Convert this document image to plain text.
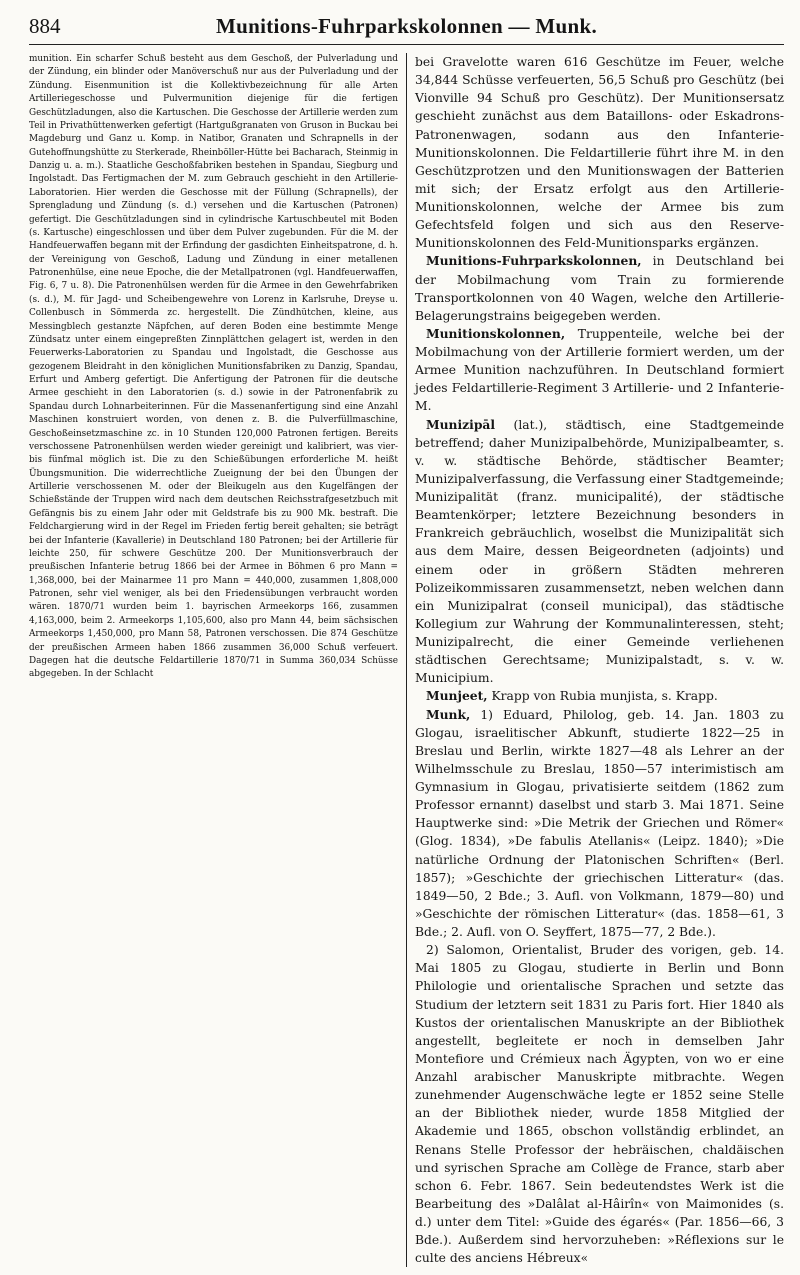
884	Munitions-Fuhrparkskolonnen — Munk.

munition. Ein scharfer Schuß besteht aus dem Geschoß, der Pulverladung und der Zündung, ein blinder oder Manöverschuß nur aus der Pulverladung und der Zündung. Eisenmunition ist die Kollektivbezeichnung für alle Arten Artilleriegeschosse und Pulvermunition diejenige für die fertigen Geschützladungen, also die Kartuschen. Die Geschosse der Artillerie werden zum Teil in Privathüttenwerken gefertigt (Hartgußgranaten von Gruson in Buckau bei Magdeburg und Ganz u. Komp. in Natibor, Granaten und Schrapnells in der Gutehoffnungshütte zu Sterkerade, Rheinböller-Hütte bei Bacharach, Steinmig in Danzig u. a. m.). Staatliche Geschoßfabriken bestehen in Spandau, Siegburg und Ingolstadt. Das Fertigmachen der M. zum Gebrauch geschieht in den Artillerie-Laboratorien. Hier werden die Geschosse mit der Füllung (Schrapnells), der Sprengladung und Zündung (s. d.) versehen und die Kartuschen (Patronen) gefertigt. Die Geschützladungen sind in cylindrische Kartuschbeutel mit Boden (s. Kartusche) eingeschlossen und über dem Pulver zugebunden. Für die M. der Handfeuerwaffen begann mit der Erfindung der gasdichten Einheitspatrone, d. h. der Vereinigung von Geschoß, Ladung und Zündung in einer metallenen Patronenhülse, eine neue Epoche, die der Metallpatronen (vgl. Handfeuerwaffen, Fig. 6, 7 u. 8). Die Patronenhülsen werden für die Armee in den Gewehrfabriken (s. d.), M. für Jagd- und Scheibengewehre von Lorenz in Karlsruhe, Dreyse u. Collenbusch in Sömmerda zc. hergestellt. Die Zündhütchen, kleine, aus Messingblech gestanzte Näpfchen, auf deren Boden eine bestimmte Menge Zündsatz unter einem eingepreßten Zinnplättchen gelagert ist, werden in den Feuerwerks-Laboratorien zu Spandau und Ingolstadt, die Geschosse aus gezogenem Bleidraht in den königlichen Munitionsfabriken zu Danzig, Spandau, Erfurt und Amberg gefertigt. Die Anfertigung der Patronen für die deutsche Armee geschieht in den Laboratorien (s. d.) sowie in der Patronenfabrik zu Spandau durch Lohnarbeiterinnen. Für die Massenanfertigung sind eine Anzahl Maschinen konstruiert worden, von denen z. B. die Pulverfüllmaschine, Geschoßeinsetzmaschine zc. in 10 Stunden 120,000 Patronen fertigen. Bereits verschossene Patronenhülsen werden wieder gereinigt und kalibriert, was vier- bis fünfmal möglich ist. Die zu den Schießübungen erforderliche M. heißt Übungsmunition. Die widerrechtliche Zueignung der bei den Übungen der Artillerie verschossenen M. oder der Bleikugeln aus den Kugelfängen der Schießstände der Truppen wird nach dem deutschen Reichsstrafgesetzbuch mit Gefängnis bis zu einem Jahr oder mit Geldstrafe bis zu 900 Mk. bestraft. Die Feldchargierung wird in der Regel im Frieden fertig bereit gehalten; sie beträgt bei der Infanterie (Kavallerie) in Deutschland 180 Patronen; bei der Artillerie für leichte 250, für schwere Geschütze 200. Der Munitionsverbrauch der preußischen Infanterie betrug 1866 bei der Armee in Böhmen 6 pro Mann = 1,368,000, bei der Mainarmee 11 pro Mann = 440,000, zusammen 1,808,000 Patronen, sehr viel weniger, als bei den Friedensübungen verbraucht worden wären. 1870/71 wurden beim 1. bayrischen Armeekorps 166, zusammen 4,163,000, beim 2. Armeekorps 1,105,600, also pro Mann 44, beim sächsischen Armeekorps 1,450,000, pro Mann 58, Patronen verschossen. Die 874 Geschütze der preußischen Armeen haben 1866 zusammen 36,000 Schuß verfeuert. Dagegen hat die deutsche Feldartillerie 1870/71 in Summa 360,034 Schüsse abgegeben. In der Schlacht

bei Gravelotte waren 616 Geschütze im Feuer, welche 34,844 Schüsse verfeuerten, 56,5 Schuß pro Geschütz (bei Vionville 94 Schuß pro Geschütz). Der Munitionsersatz geschieht zunächst aus dem Bataillons- oder Eskadrons-Patronenwagen, sodann aus den Infanterie-Munitionskolonnen. Die Feldartillerie führt ihre M. in den Geschützprotzen und den Munitionswagen der Batterien mit sich; der Ersatz erfolgt aus den Artillerie-Munitionskolonnen, welche der Armee bis zum Gefechtsfeld folgen und sich aus den Reserve-Munitionskolonnen des Feld-Munitionsparks ergänzen.

Munitions-Fuhrparkskolonnen, in Deutschland bei der Mobilmachung vom Train zu formierende Transportkolonnen von 40 Wagen, welche den Artillerie-Belagerungstrains beigegeben werden.

Munitionskolonnen, Truppenteile, welche bei der Mobilmachung von der Artillerie formiert werden, um der Armee Munition nachzuführen. In Deutschland formiert jedes Feldartillerie-Regiment 3 Artillerie- und 2 Infanterie-M.

Munizipāl (lat.), städtisch, eine Stadtgemeinde betreffend; daher Munizipalbehörde, Munizipalbeamter, s. v. w. städtische Behörde, städtischer Beamter; Munizipalverfassung, die Verfassung einer Stadtgemeinde; Munizipalität (franz. municipalité), der städtische Beamtenkörper; letztere Bezeichnung besonders in Frankreich gebräuchlich, woselbst die Munizipalität sich aus dem Maire, dessen Beigeordneten (adjoints) und einem oder in größern Städten mehreren Polizeikommissaren zusammensetzt, neben welchen dann ein Munizipalrat (conseil municipal), das städtische Kollegium zur Wahrung der Kommunalinteressen, steht; Munizipalrecht, die einer Gemeinde verliehenen städtischen Gerechtsame; Munizipalstadt, s. v. w. Municipium.

Munjeet, Krapp von Rubia munjista, s. Krapp.

Munk, 1) Eduard, Philolog, geb. 14. Jan. 1803 zu Glogau, israelitischer Abkunft, studierte 1822—25 in Breslau und Berlin, wirkte 1827—48 als Lehrer an der Wilhelmsschule zu Breslau, 1850—57 interimistisch am Gymnasium in Glogau, privatisierte seitdem (1862 zum Professor ernannt) daselbst und starb 3. Mai 1871. Seine Hauptwerke sind: »Die Metrik der Griechen und Römer« (Glog. 1834), »De fabulis Atellanis« (Leipz. 1840); »Die natürliche Ordnung der Platonischen Schriften« (Berl. 1857); »Geschichte der griechischen Litteratur« (das. 1849—50, 2 Bde.; 3. Aufl. von Volkmann, 1879—80) und »Geschichte der römischen Litteratur« (das. 1858—61, 3 Bde.; 2. Aufl. von O. Seyffert, 1875—77, 2 Bde.).

2) Salomon, Orientalist, Bruder des vorigen, geb. 14. Mai 1805 zu Glogau, studierte in Berlin und Bonn Philologie und orientalische Sprachen und setzte das Studium der letztern seit 1831 zu Paris fort. Hier 1840 als Kustos der orientalischen Manuskripte an der Bibliothek angestellt, begleitete er noch in demselben Jahr Montefiore und Crémieux nach Ägypten, von wo er eine Anzahl arabischer Manuskripte mitbrachte. Wegen zunehmender Augenschwäche legte er 1852 seine Stelle an der Bibliothek nieder, wurde 1858 Mitglied der Akademie und 1865, obschon vollständig erblindet, an Renans Stelle Professor der hebräischen, chaldäischen und syrischen Sprache am Collège de France, starb aber schon 6. Febr. 1867. Sein bedeutendstes Werk ist die Bearbeitung des »Dalâlat al-Hâirîn« von Maimonides (s. d.) unter dem Titel: »Guide des égarés« (Par. 1856—66, 3 Bde.). Außerdem sind hervorzuheben: »Réflexions sur le culte des anciens Hébreux«
